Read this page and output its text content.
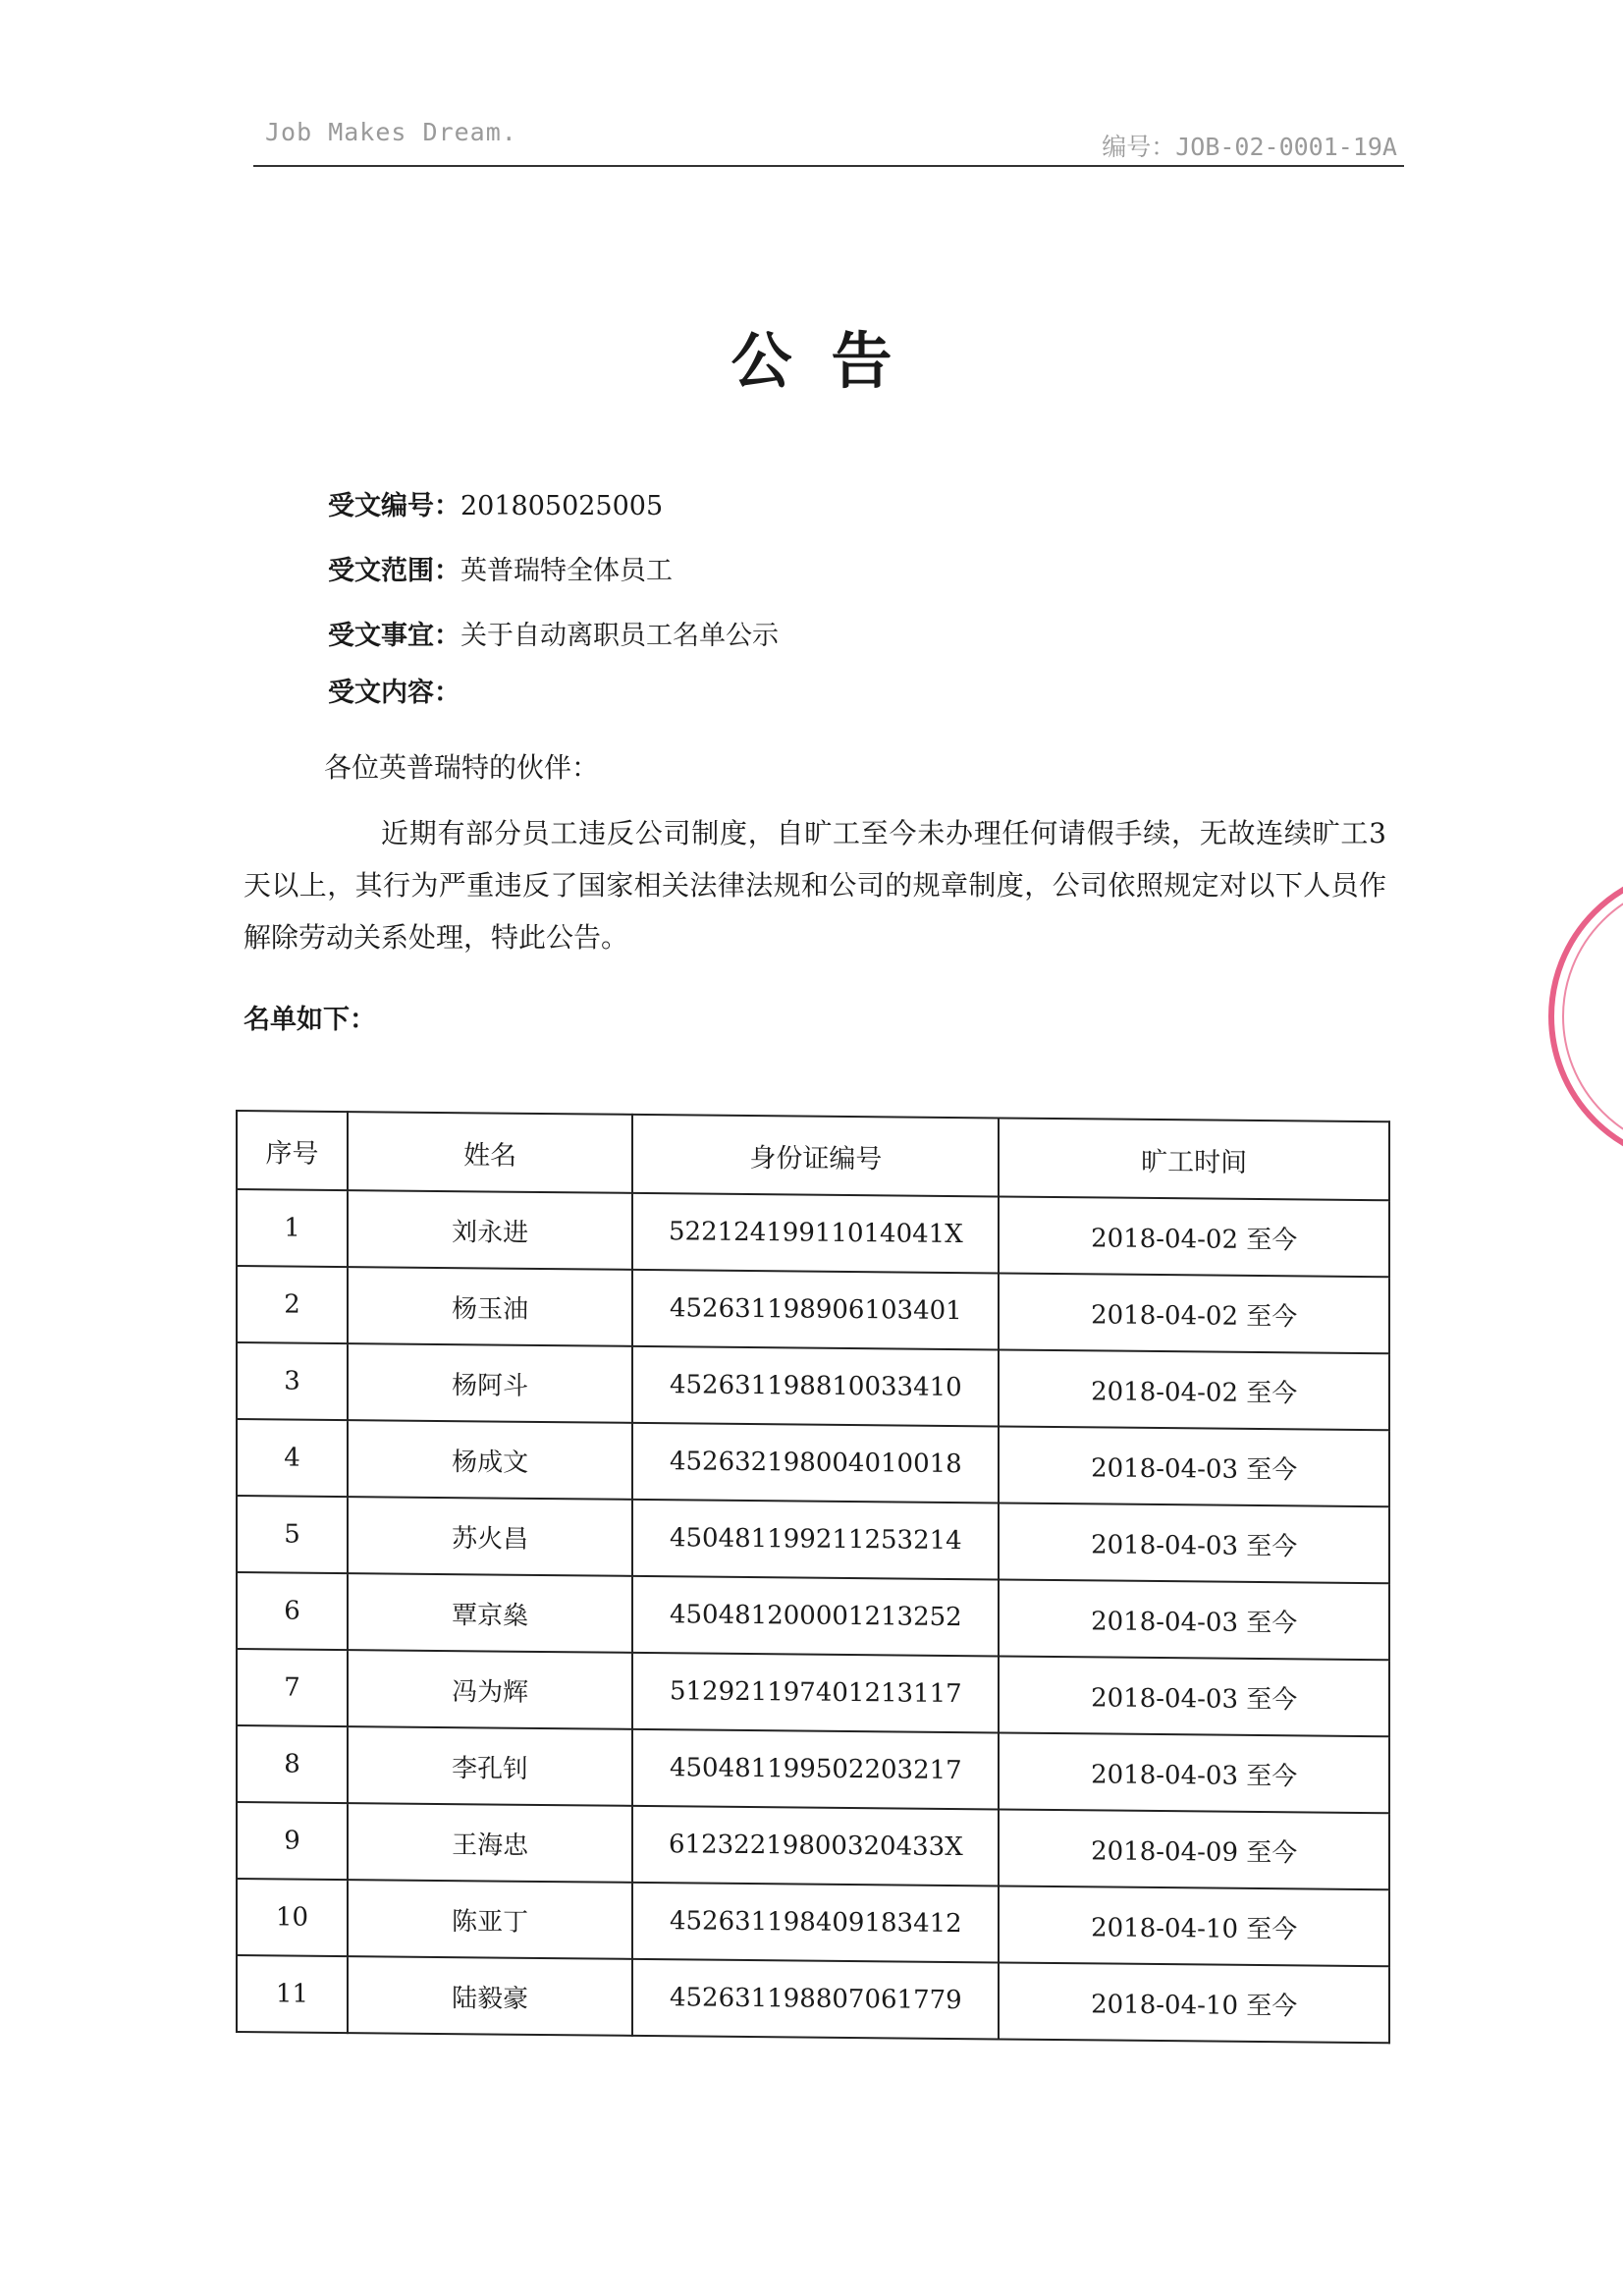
Job Makes Dream.
编号：JOB-02-0001-19A
公告
受文编号：201805025005
受文范围：英普瑞特全体员工
受文事宜：关于自动离职员工名单公示
受文内容：
各位英普瑞特的伙伴：
近期有部分员工违反公司制度，自旷工至今未办理任何请假手续，无故连续旷工3天以上，其行为严重违反了国家相关法律法规和公司的规章制度，公司依照规定对以下人员作解除劳动关系处理，特此公告。
名单如下：
序号	姓名	身份证编号	旷工时间
1	刘永进	52212419911014041X	2018-04-02 至今
2	杨玉油	452631198906103401	2018-04-02 至今
3	杨阿斗	452631198810033410	2018-04-02 至今
4	杨成文	452632198004010018	2018-04-03 至今
5	苏火昌	450481199211253214	2018-04-03 至今
6	覃京燊	450481200001213252	2018-04-03 至今
7	冯为辉	512921197401213117	2018-04-03 至今
8	李孔钊	450481199502203217	2018-04-03 至今
9	王海忠	61232219800320433X	2018-04-09 至今
10	陈亚丁	452631198409183412	2018-04-10 至今
11	陆毅豪	452631198807061779	2018-04-10 至今
